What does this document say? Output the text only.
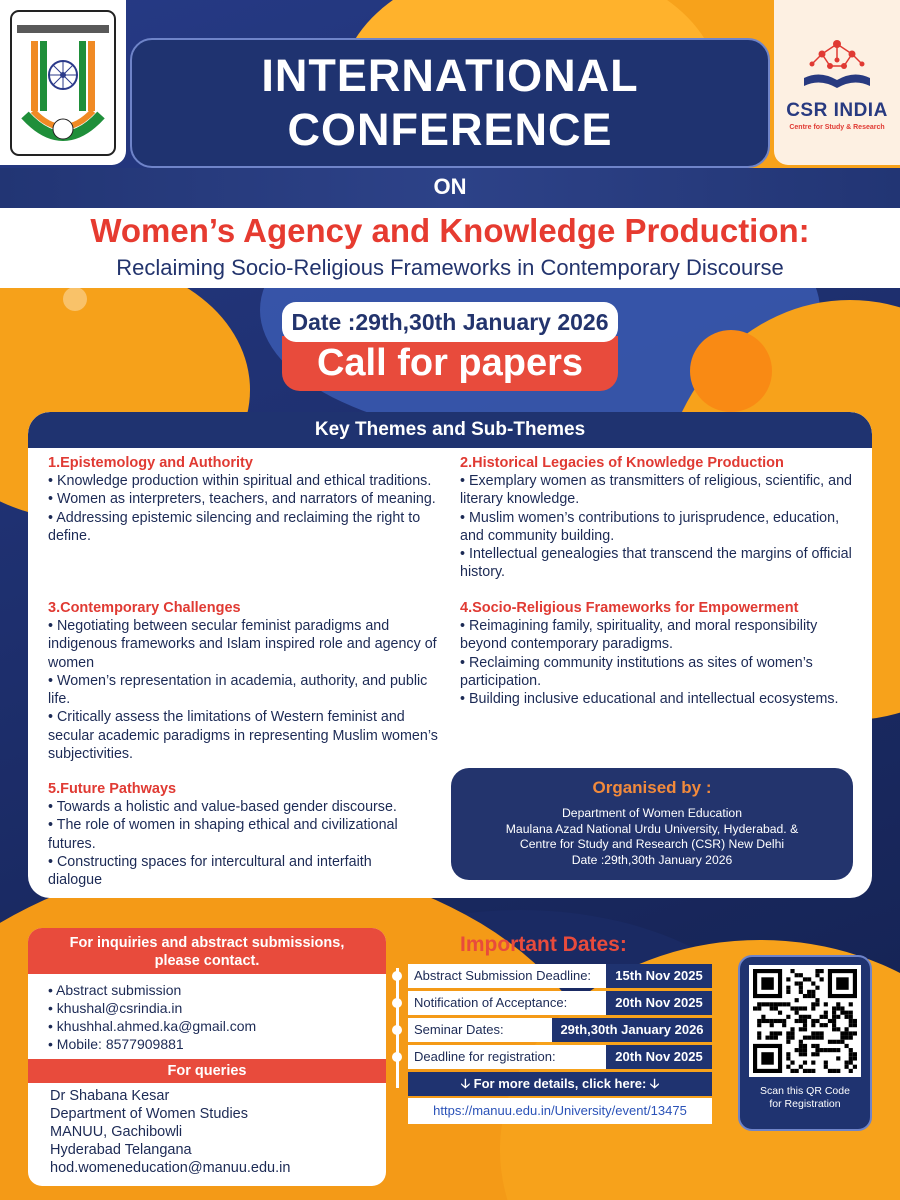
CSR INDIA
Centre for Study & Research
INTERNATIONAL
CONFERENCE
ON
Women’s Agency and Knowledge Production:
Reclaiming Socio-Religious Frameworks in Contemporary Discourse
Call for papers
Date :29th,30th January 2026
Key Themes and Sub-Themes
1.Epistemology and Authority
• Knowledge production within spiritual and ethical traditions.
• Women as interpreters, teachers, and narrators of meaning.
• Addressing epistemic silencing and reclaiming the right to define.
2.Historical Legacies of Knowledge Production
• Exemplary women as transmitters of religious, scientific, and literary knowledge.
• Muslim women’s contributions to jurisprudence, education, and community building.
• Intellectual genealogies that transcend the margins of official history.
3.Contemporary Challenges
• Negotiating between secular feminist paradigms and indigenous frameworks and Islam inspired role and agency of women
• Women’s representation in academia, authority, and public life.
• Critically assess the limitations of Western feminist and secular academic paradigms in representing Muslim women’s subjectivities.
4.Socio-Religious Frameworks for Empowerment
• Reimagining family, spirituality, and moral responsibility beyond contemporary paradigms.
• Reclaiming community institutions as sites of women’s participation.
• Building inclusive educational and intellectual ecosystems.
5.Future Pathways
• Towards a holistic and value-based gender discourse.
• The role of women in shaping ethical and civilizational futures.
• Constructing spaces for intercultural and interfaith dialogue
Organised by :
Department of Women Education
Maulana Azad National Urdu University, Hyderabad. &
Centre for Study and Research (CSR) New Delhi
Date :29th,30th January 2026
For inquiries and abstract submissions,
please contact.
• Abstract submission
• khushal@csrindia.in
• khushhal.ahmed.ka@gmail.com
• Mobile: 8577909881
For queries
Dr Shabana Kesar
Department of Women Studies
MANUU, Gachibowli
Hyderabad Telangana
hod.womeneducation@manuu.edu.in
Important Dates:
Abstract Submission Deadline:	15th Nov 2025
Notification of Acceptance:	20th Nov 2025
Seminar Dates:	29th,30th January 2026
Deadline for registration:	20th Nov 2025
🡣 For more details, click here: 🡣
https://manuu.edu.in/University/event/13475
Scan this QR Code
for Registration
